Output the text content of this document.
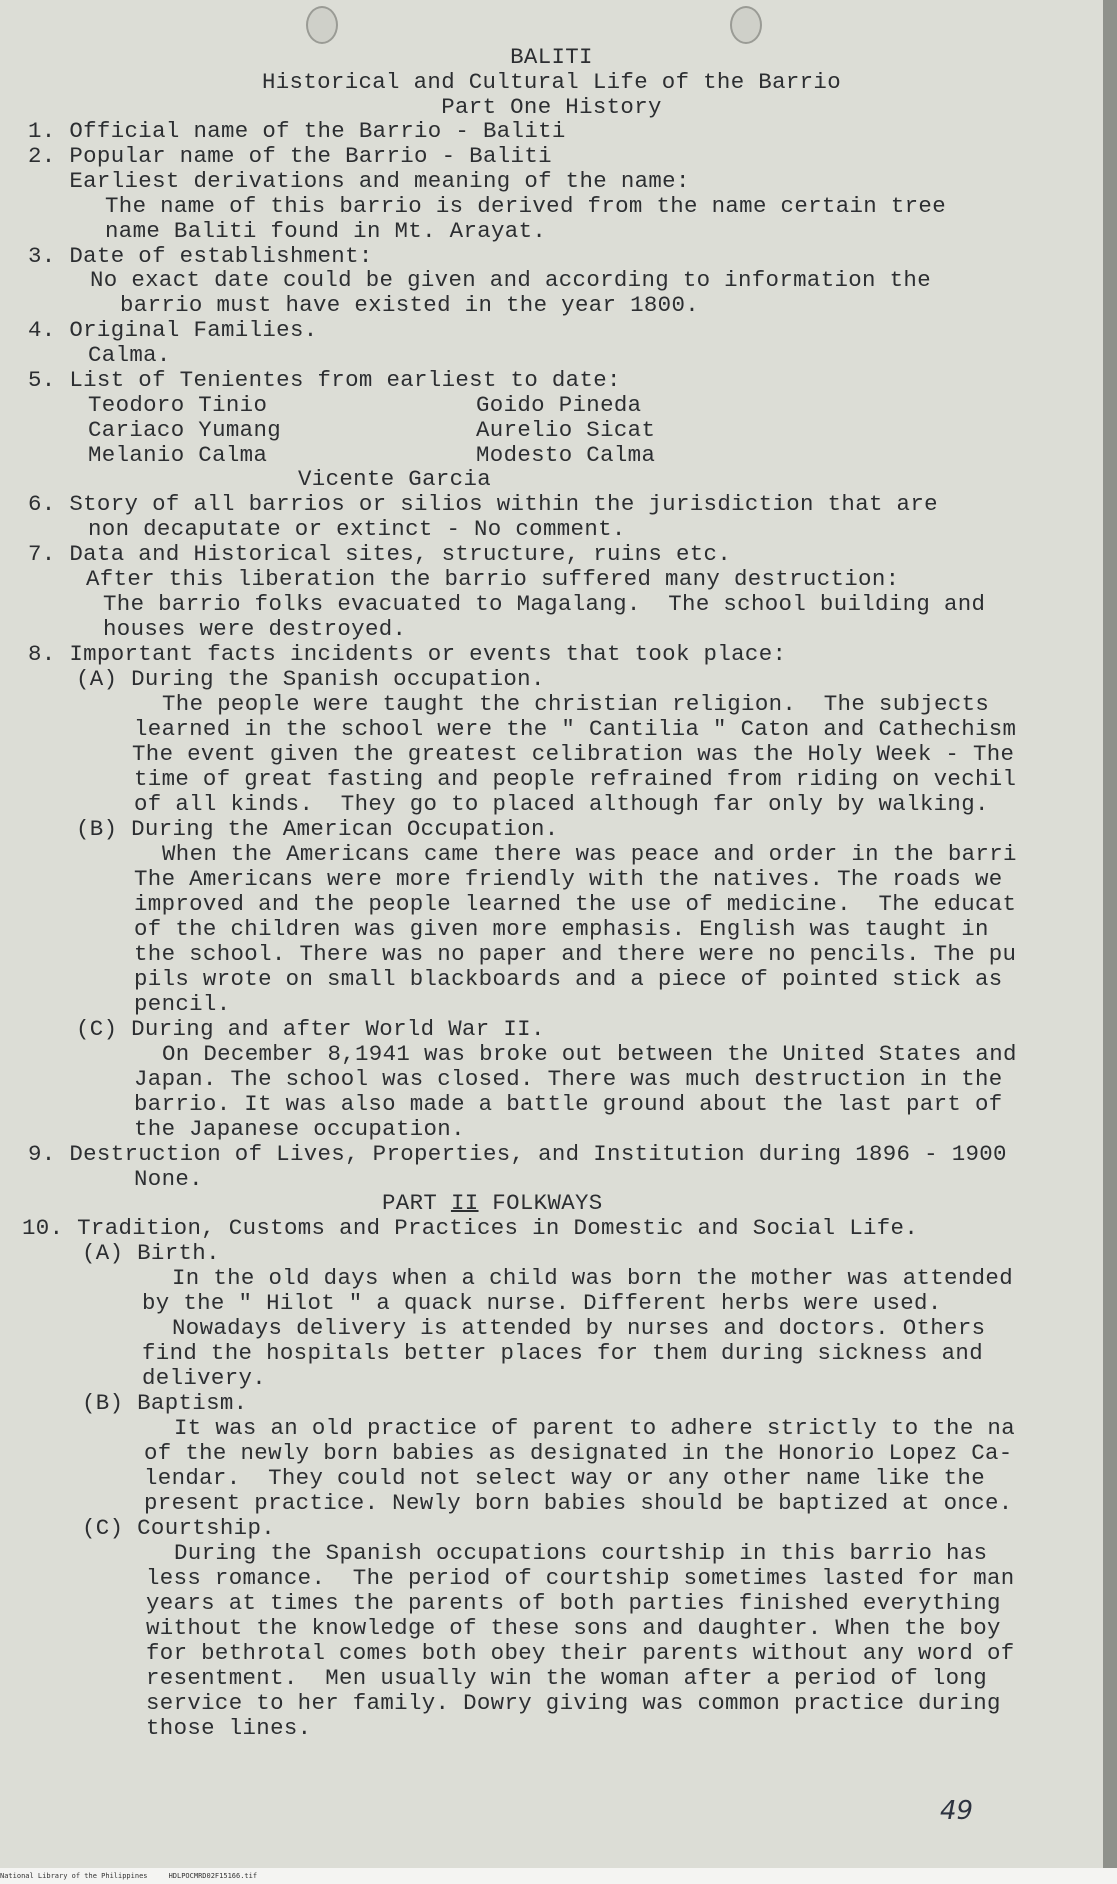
BALITI
Historical and Cultural Life of the Barrio
Part One History
1. Official name of the Barrio - Baliti
2. Popular name of the Barrio - Baliti
Earliest derivations and meaning of the name:
The name of this barrio is derived from the name certain tree
name Baliti found in Mt. Arayat.
3. Date of establishment:
No exact date could be given and according to information the
barrio must have existed in the year 1800.
4. Original Families.
Calma.
5. List of Tenientes from earliest to date:
Teodoro Tinio	Goido Pineda
Cariaco Yumang	Aurelio Sicat
Melanio Calma	Modesto Calma
Vicente Garcia
6. Story of all barrios or silios within the jurisdiction that are
non decaputate or extinct - No comment.
7. Data and Historical sites, structure, ruins etc.
After this liberation the barrio suffered many destruction:
The barrio folks evacuated to Magalang.  The school building and
houses were destroyed.
8. Important facts incidents or events that took place:
(A) During the Spanish occupation.
The people were taught the christian religion.  The subjects
learned in the school were the " Cantilia " Caton and Cathechism
The event given the greatest celibration was the Holy Week - The
time of great fasting and people refrained from riding on vechil
of all kinds.  They go to placed although far only by walking.
(B) During the American Occupation.
When the Americans came there was peace and order in the barri
The Americans were more friendly with the natives. The roads we
improved and the people learned the use of medicine.  The educat
of the children was given more emphasis. English was taught in
the school. There was no paper and there were no pencils. The pu
pils wrote on small blackboards and a piece of pointed stick as
pencil.
(C) During and after World War II.
On December 8,1941 was broke out between the United States and
Japan. The school was closed. There was much destruction in the
barrio. It was also made a battle ground about the last part of
the Japanese occupation.
9. Destruction of Lives, Properties, and Institution during 1896 - 1900
None.
10. Tradition, Customs and Practices in Domestic and Social Life.
(A) Birth.
In the old days when a child was born the mother was attended
by the " Hilot " a quack nurse. Different herbs were used.
Nowadays delivery is attended by nurses and doctors. Others
find the hospitals better places for them during sickness and
delivery.
(B) Baptism.
It was an old practice of parent to adhere strictly to the na
of the newly born babies as designated in the Honorio Lopez Ca-
lendar.  They could not select way or any other name like the
present practice. Newly born babies should be baptized at once.
(C) Courtship.
During the Spanish occupations courtship in this barrio has
less romance.  The period of courtship sometimes lasted for man
years at times the parents of both parties finished everything
without the knowledge of these sons and daughter. When the boy
for bethrotal comes both obey their parents without any word of
resentment.  Men usually win the woman after a period of long
service to her family. Dowry giving was common practice during
those lines.
PART II FOLKWAYS
49
National Library of the Philippines     HDLPOCMRD02F15166.tif
